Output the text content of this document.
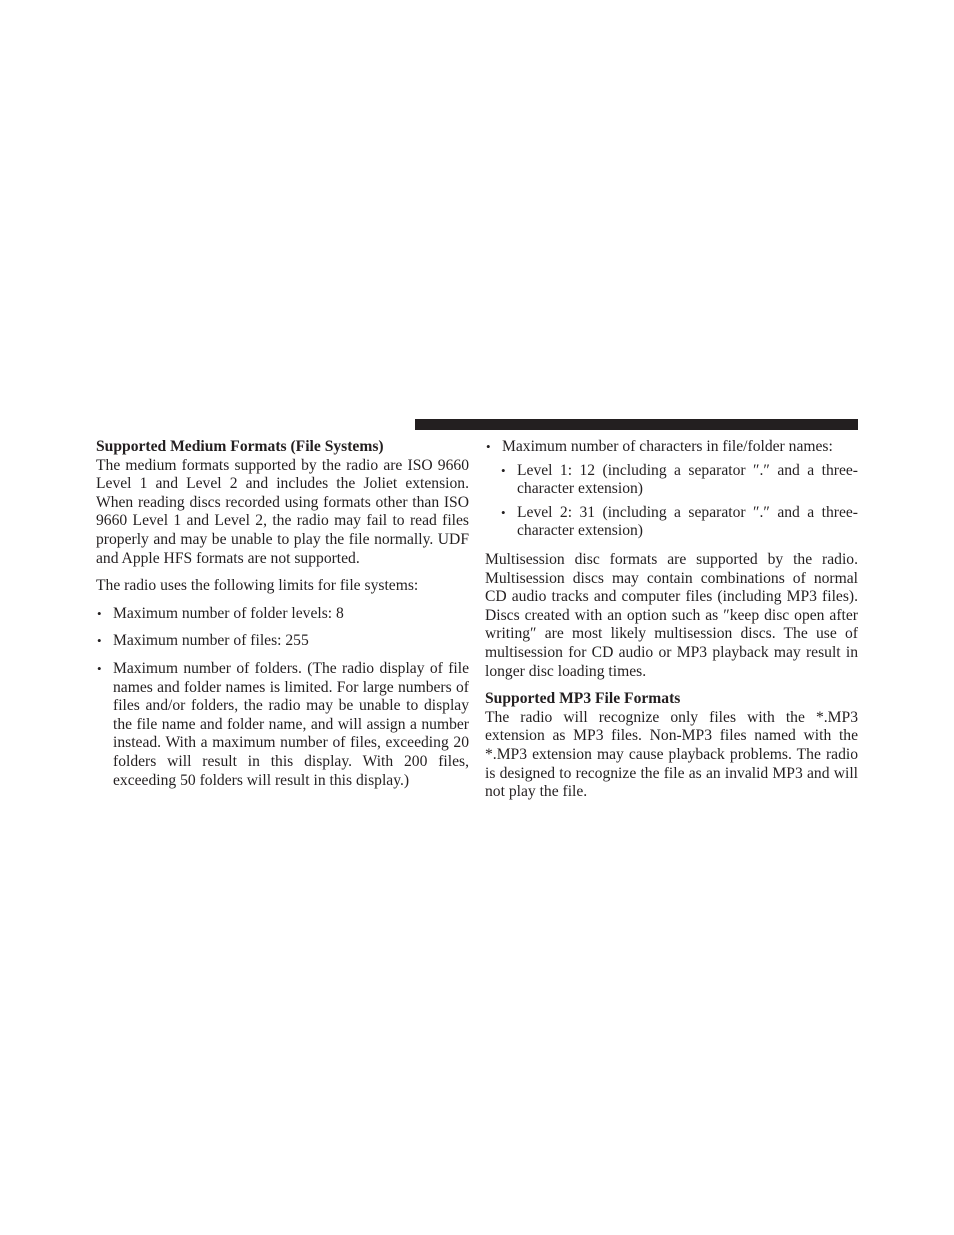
Supported Medium Formats (File Systems)

The medium formats supported by the radio are ISO 9660 Level 1 and Level 2 and includes the Joliet extension. When reading discs recorded using formats other than ISO 9660 Level 1 and Level 2, the radio may fail to read files properly and may be unable to play the file normally. UDF and Apple HFS formats are not supported.

The radio uses the following limits for file systems:

• Maximum number of folder levels: 8
• Maximum number of files: 255
• Maximum number of folders. (The radio display of file names and folder names is limited. For large numbers of files and/or folders, the radio may be unable to display the file name and folder name, and will assign a number instead. With a maximum number of files, exceeding 20 folders will result in this display. With 200 files, exceeding 50 folders will result in this display.)
• Maximum number of characters in file/folder names:
• Level 1: 12 (including a separator ″.″ and a three-character extension)
• Level 2: 31 (including a separator ″.″ and a three-character extension)

Multisession disc formats are supported by the radio. Multisession discs may contain combinations of normal CD audio tracks and computer files (including MP3 files). Discs created with an option such as ″keep disc open after writing″ are most likely multisession discs. The use of multisession for CD audio or MP3 playback may result in longer disc loading times.

Supported MP3 File Formats

The radio will recognize only files with the *.MP3 extension as MP3 files. Non-MP3 files named with the *.MP3 extension may cause playback problems. The radio is designed to recognize the file as an invalid MP3 and will not play the file.
